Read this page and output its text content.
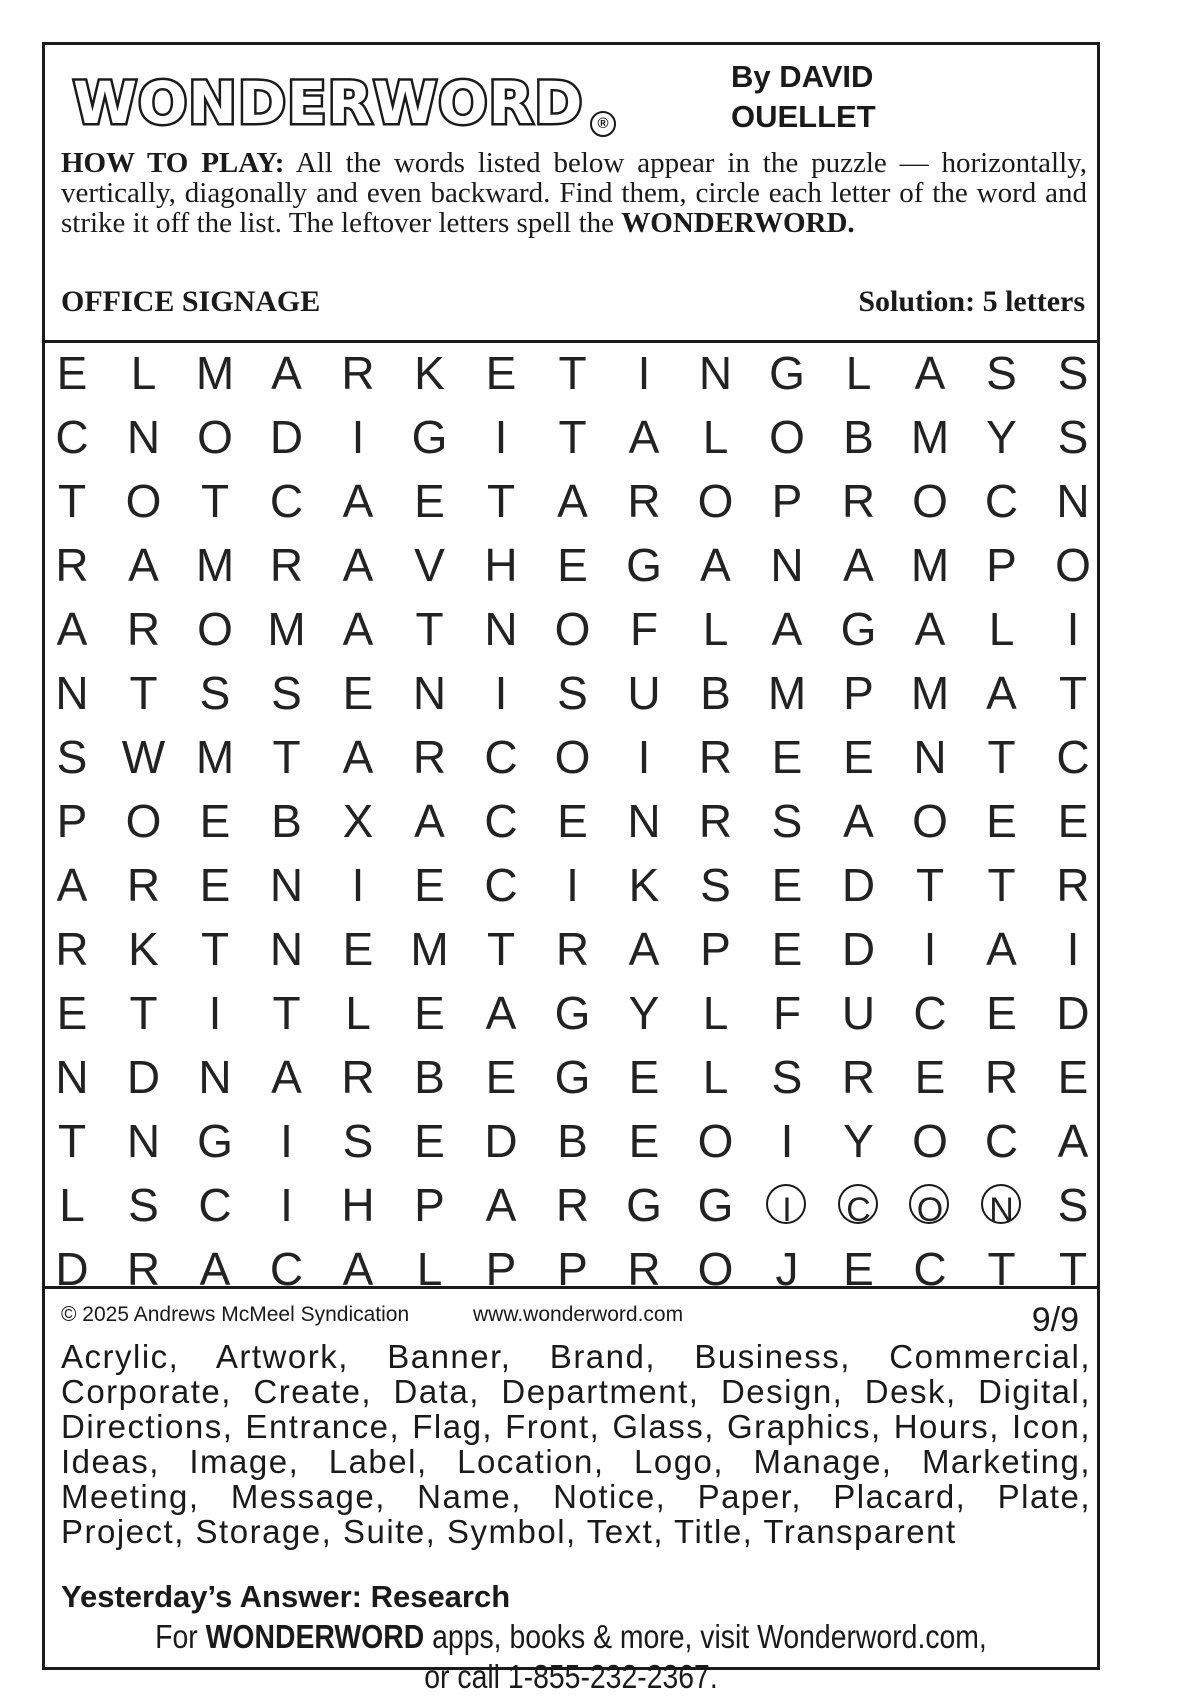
WONDERWORD ®
By DAVID
OUELLET
HOW TO PLAY: All the words listed below appear in the puzzle — horizontally, vertically, diagonally and even backward. Find them, circle each letter of the word and strike it off the list. The leftover letters spell the WONDERWORD.
OFFICE SIGNAGE	Solution: 5 letters
E L M A R K E T	I	N G L A S S
C N O D	I	G	I	T A L O B M Y S
T O T C A E T A R O P R O C N
R A M R A V H E G A N A M P O
A R O M A T N O F L A G A L	I
N T S S E N	I	S U B M P M A T
S W M T A R C O	I	R E E N T C
P O E B X A C E N R S A O E E
A R E N	I	E C	I	K S E D T T R
R K T N E M T R A P E D	I	A	I
E T	I	T L E A G Y L F U C E D
N D N A R B E G E L S R E R E
T N G	I	S E D B E O	I	Y O C A
L S C	I	H P A R G G	I	C	O	N S
D R A C A L P P R O J E C T T
© 2025 Andrews McMeel Syndication	www.wonderword.com	9/9
Acrylic, Artwork, Banner, Brand, Business, Commercial, Corporate, Create, Data, Department, Design, Desk, Digital, Directions, Entrance, Flag, Front, Glass, Graphics, Hours, Icon, Ideas, Image, Label, Location, Logo, Manage, Marketing, Meeting, Message, Name, Notice, Paper, Placard, Plate, Project, Storage, Suite, Symbol, Text, Title, Transparent
Yesterday’s Answer: Research
For WONDERWORD apps, books & more, visit Wonderword.com,
or call 1-855-232-2367.
